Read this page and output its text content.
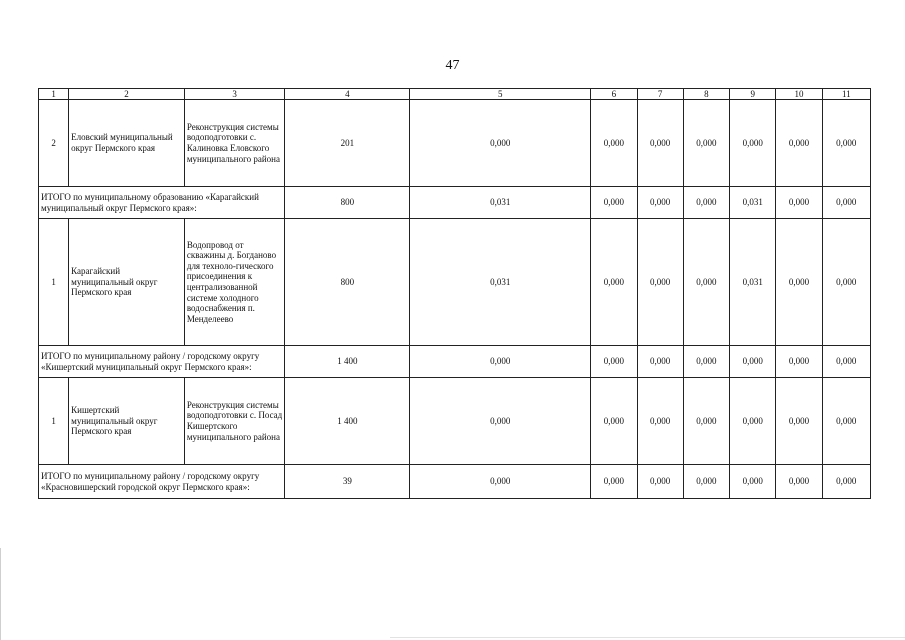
47
1	2	3	4	5	6	7	8	9	10	11
2	Еловский муниципальный округ Пермского края	Реконструкция системы водоподготовки с. Калиновка Еловского муниципального района	201	0,000	0,000	0,000	0,000	0,000	0,000	0,000
ИТОГО по муниципальному образованию «Карагайский муниципальный округ Пермского края»:			800	0,031	0,000	0,000	0,000	0,031	0,000	0,000
1	Карагайский муниципальный округ Пермского края	Водопровод от скважины д. Богданово для техноло-гического присоединения к централизованной системе холодного водоснабжения п. Менделеево	800	0,031	0,000	0,000	0,000	0,031	0,000	0,000
ИТОГО по муниципальному району / городскому округу «Кишертский муниципальный округ Пермского края»:			1 400	0,000	0,000	0,000	0,000	0,000	0,000	0,000
1	Кишертский муниципальный округ Пермского края	Реконструкция системы водоподготовки с. Посад Кишертского муниципального района	1 400	0,000	0,000	0,000	0,000	0,000	0,000	0,000
ИТОГО по муниципальному району / городскому округу «Красновишерский городской округ Пермского края»:			39	0,000	0,000	0,000	0,000	0,000	0,000	0,000
